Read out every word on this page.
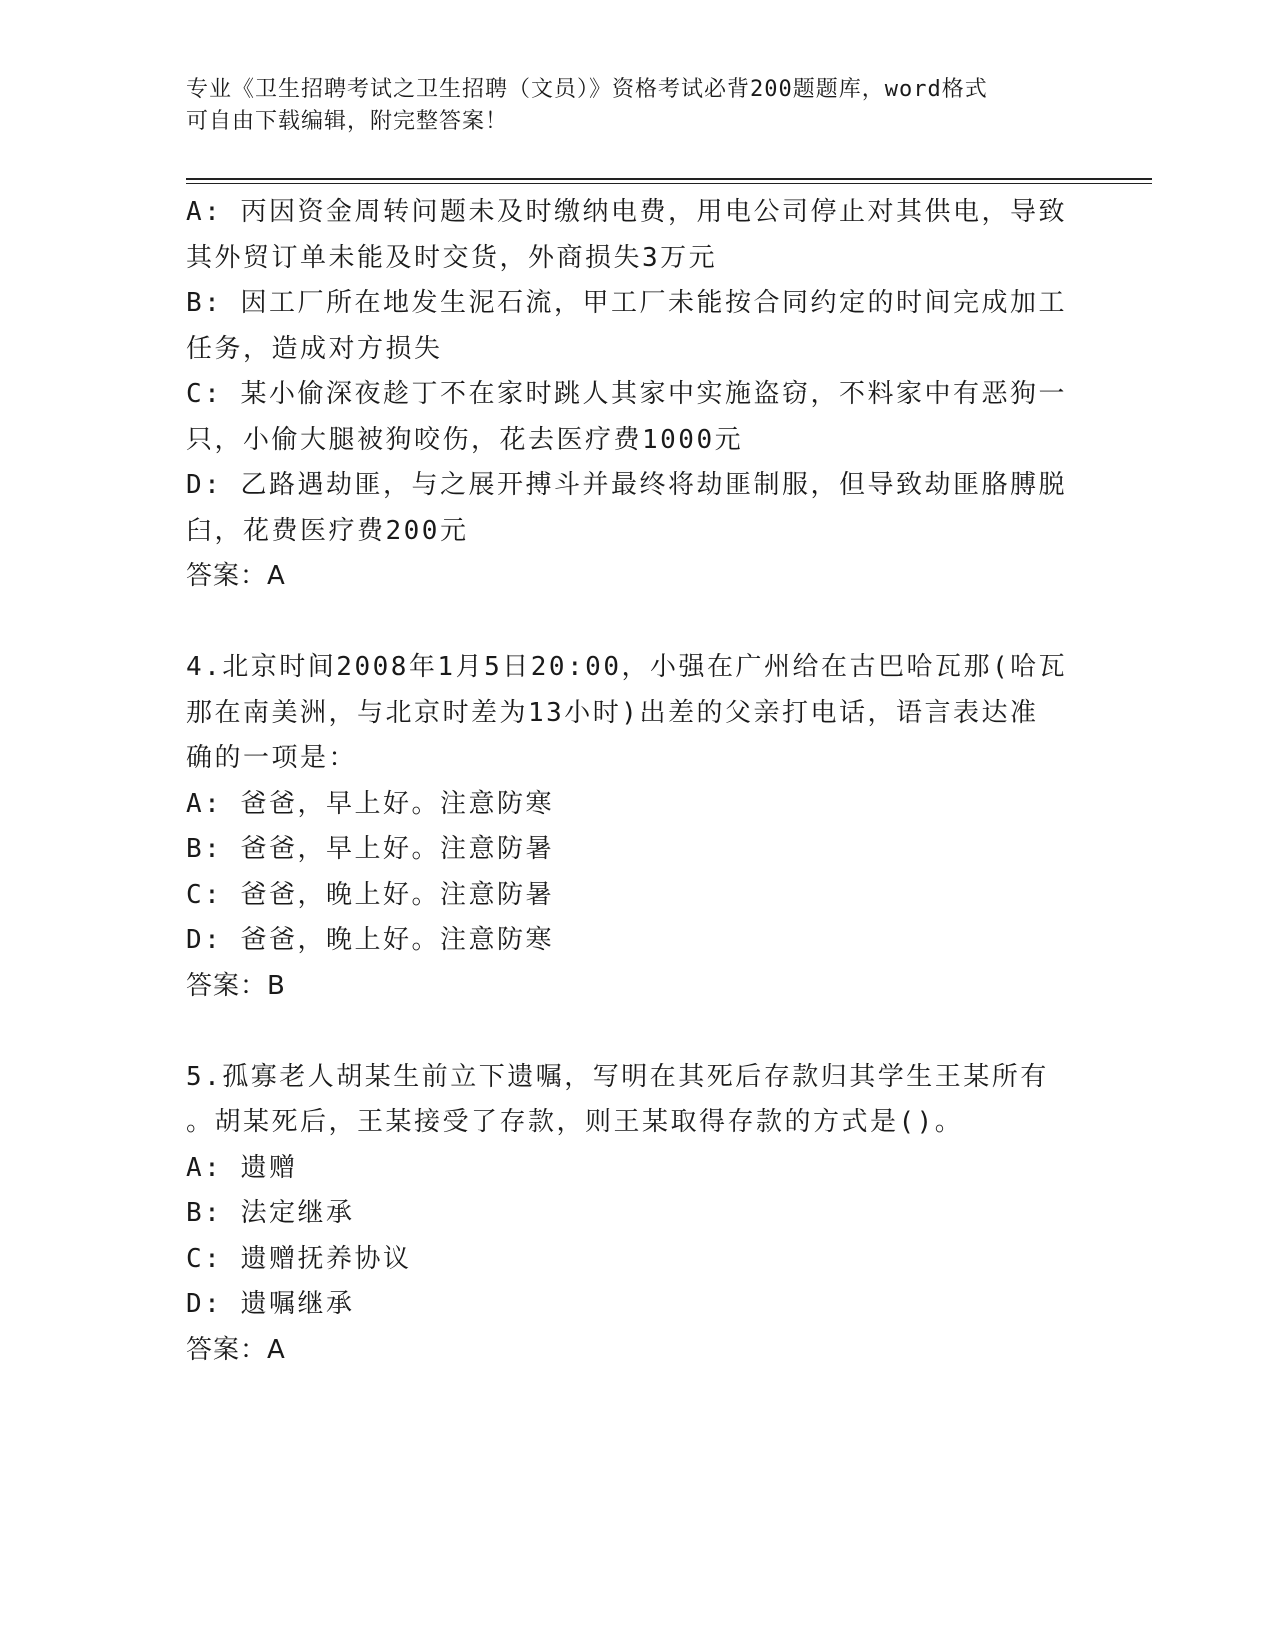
专业《卫生招聘考试之卫生招聘（文员）》资格考试必背200题题库，word格式
可自由下载编辑，附完整答案！

A: 丙因资金周转问题未及时缴纳电费，用电公司停止对其供电，导致

其外贸订单未能及时交货，外商损失3万元

B: 因工厂所在地发生泥石流，甲工厂未能按合同约定的时间完成加工

任务，造成对方损失

C: 某小偷深夜趁丁不在家时跳人其家中实施盗窃，不料家中有恶狗一

只，小偷大腿被狗咬伤，花去医疗费1000元

D: 乙路遇劫匪，与之展开搏斗并最终将劫匪制服，但导致劫匪胳膊脱

臼，花费医疗费200元

答案：A

4.北京时间2008年1月5日20:00，小强在广州给在古巴哈瓦那(哈瓦

那在南美洲，与北京时差为13小时)出差的父亲打电话，语言表达准

确的一项是：

A: 爸爸，早上好。注意防寒

B: 爸爸，早上好。注意防暑

C: 爸爸，晚上好。注意防暑

D: 爸爸，晚上好。注意防寒

答案：B

5.孤寡老人胡某生前立下遗嘱，写明在其死后存款归其学生王某所有

。胡某死后，王某接受了存款，则王某取得存款的方式是()。

A: 遗赠

B: 法定继承

C: 遗赠抚养协议

D: 遗嘱继承

答案：A
